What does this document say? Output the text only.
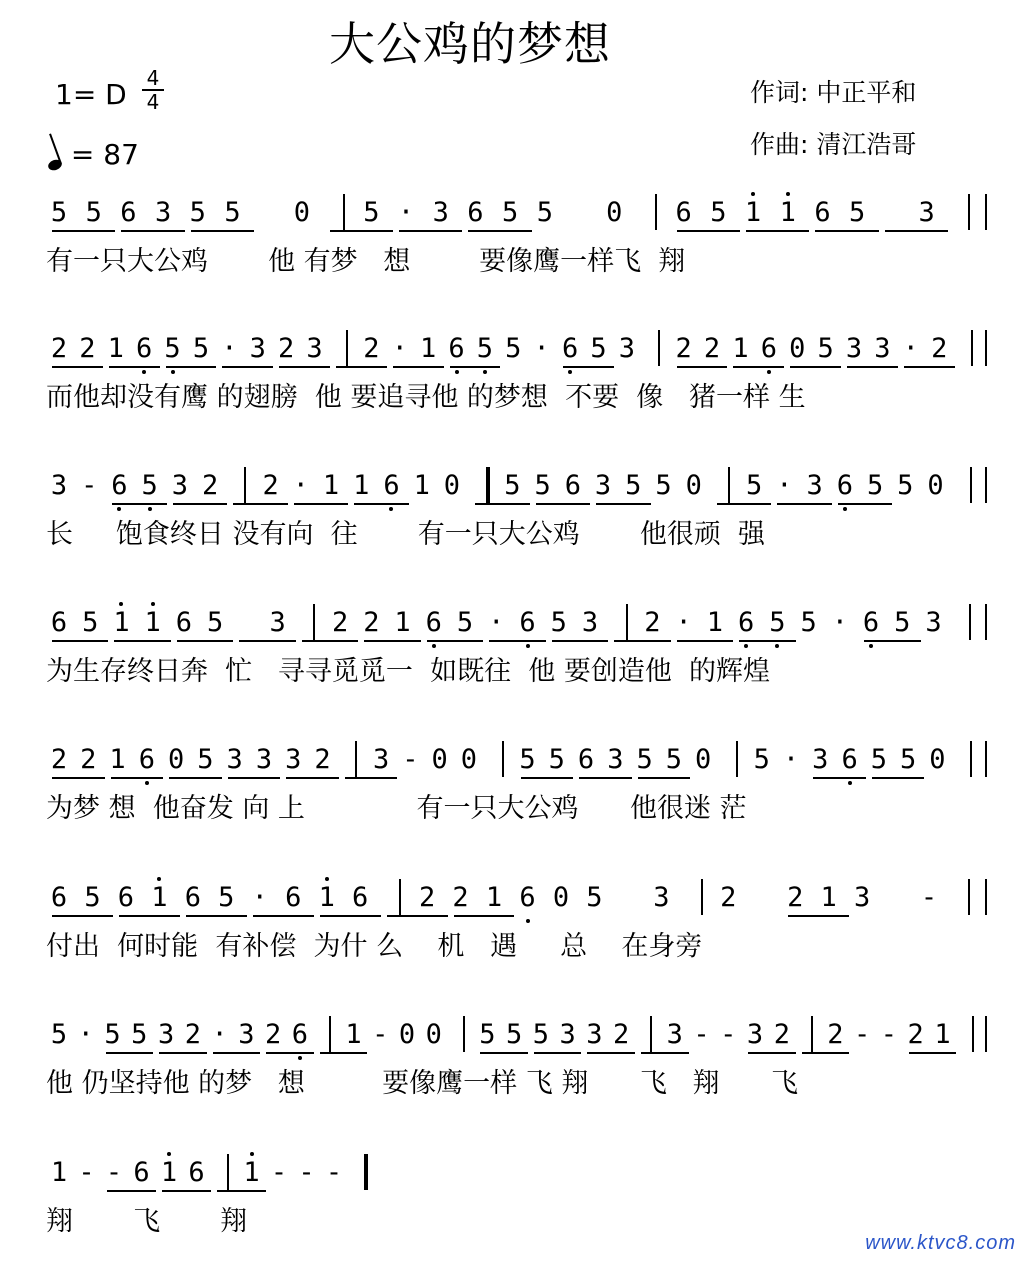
大公鸡的梦想
1= D 4
4
= 87
作词: 中正平和
作曲: 清江浩哥
5 5 6 3 5 5 0 5 · 3 6 5 5 0 6 5 1 1 6 5 3
有一只大公鸡       他 有梦   想        要像鹰一样飞  翔
2 2 1 6 5 5 · 3 2 3 2 · 1 6 5 5 · 6 5 3 2 2 1 6 0 5 3 3 · 2
而他却没有鹰 的翅膀  他 要追寻他 的梦想  不要  像   猪一样 生
3 - 6 5 3 2 2 · 1 1 6 1 0 5 5 6 3 5 5 0 5 · 3 6 5 5 0
长     饱食终日 没有向  往       有一只大公鸡       他很顽  强
6 5 1 1 6 5 3 2 2 1 6 5 · 6 5 3 2 · 1 6 5 5 · 6 5 3
为生存终日奔  忙   寻寻觅觅一  如既往  他 要创造他  的辉煌
2 2 1 6 0 5 3 3 3 2 3 - 0 0 5 5 6 3 5 5 0 5 · 3 6 5 5 0
为梦 想  他奋发 向 上             有一只大公鸡      他很迷 茫
6 5 6 1 6 5 · 6 1 6 2 2 1 6 0 5 3 2 2 1 3 -
付出  何时能  有补偿  为什 么    机   遇     总    在身旁
5 · 5 5 3 2 · 3 2 6 1 - 0 0 5 5 5 3 3 2 3 - - 3 2 2 - - 2 1
他 仍坚持他 的梦   想         要像鹰一样 飞 翔      飞   翔      飞
1 - - 6 1 6 1 - - -
翔       飞       翔
www.ktvc8.com
